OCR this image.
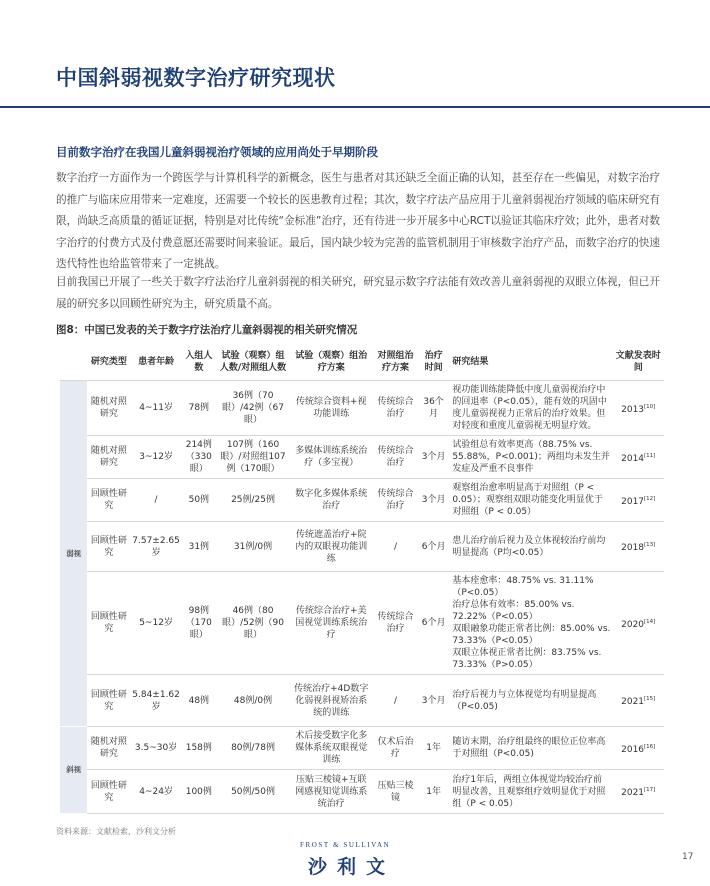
中国斜弱视数字治疗研究现状
目前数字治疗在我国儿童斜弱视治疗领域的应用尚处于早期阶段
数字治疗一方面作为一个跨医学与计算机科学的新概念，医生与患者对其还缺乏全面正确的认知，甚至存在一些偏见，对数字治疗的推广与临床应用带来一定难度，还需要一个较长的医患教育过程；其次，数字疗法产品应用于儿童斜弱视治疗领域的临床研究有限，尚缺乏高质量的循证证据，特别是对比传统“金标准”治疗，还有待进一步开展多中心RCT以验证其临床疗效；此外，患者对数字治疗的付费方式及付费意愿还需要时间来验证。最后，国内缺少较为完善的监管机制用于审核数字治疗产品，而数字治疗的快速迭代特性也给监管带来了一定挑战。
目前我国已开展了一些关于数字疗法治疗儿童斜弱视的相关研究，研究显示数字疗法能有效改善儿童斜弱视的双眼立体视，但已开展的研究多以回顾性研究为主，研究质量不高。
图8：中国已发表的关于数字疗法治疗儿童斜弱视的相关研究情况
	研究类型	患者年龄	入组人数	试验（观察）组人数/对照组人数	试验（观察）组治疗方案	对照组治疗方案	治疗时间	研究结果	文献发表时间
弱视	随机对照研究	4~11岁	78例	36例（70眼）/42例（67眼）	传统综合资料+视功能训练	传统综合治疗	36个月	视功能训练能降低中度儿童弱视治疗中的回退率（P<0.05），能有效的巩固中度儿童弱视视力正常后的治疗效果。但对轻度和重度儿童弱视无明显疗效。	2013[10]
	随机对照研究	3~12岁	214例（330眼）	107例（160眼）/对照组107例（170眼）	多媒体训练系统治疗（多宝视）	传统综合治疗	3个月	试验组总有效率更高（88.75% vs. 55.88%，P<0.001)；两组均未发生并发症及严重不良事件	2014[11]
	回顾性研究	/	50例	25例/25例	数字化多媒体系统治疗	传统综合治疗	3个月	观察组治愈率明显高于对照组（P < 0.05）；观察组双眼功能变化明显优于对照组（P < 0.05）	2017[12]
	回顾性研究	7.57±2.65岁	31例	31例/0例	传统遮盖治疗+院内的双眼视功能训练	/	6个月	患儿治疗前后视力及立体视较治疗前均明显提高（P均<0.05）	2018[13]
	回顾性研究	5~12岁	98例（170眼）	46例（80眼）/52例（90眼）	传统综合治疗+美国视觉训练系统治疗	传统综合治疗	6个月	基本痊愈率：48.75% vs. 31.11%（P<0.05）
治疗总体有效率：85.00% vs. 72.22%（P<0.05）
双眼融象功能正常者比例：85.00% vs. 73.33%（P<0.05）
双眼立体视正常者比例：83.75% vs. 73.33%（P>0.05）	2020[14]
	回顾性研究	5.84±1.62岁	48例	48例/0例	传统治疗+4D数字化弱视斜视矫治系统的训练	/	3个月	治疗后视力与立体视觉均有明显提高（P<0.05)	2021[15]
斜视	随机对照研究	3.5~30岁	158例	80例/78例	术后接受数字化多媒体系统双眼视觉训练	仅术后治疗	1年	随访末期，治疗组最终的眼位正位率高于对照组（P<0.05)	2016[16]
	回顾性研究	4~24岁	100例	50例/50例	压贴三棱镜+互联网感视知觉训练系统治疗	压贴三棱镜	1年	治疗1年后，两组立体视觉均较治疗前明显改善，且观察组疗效明显优于对照组（P < 0.05）	2021[17]
资料来源：文献检索，沙利文分析
FROST & SULLIVAN
沙利文	17
